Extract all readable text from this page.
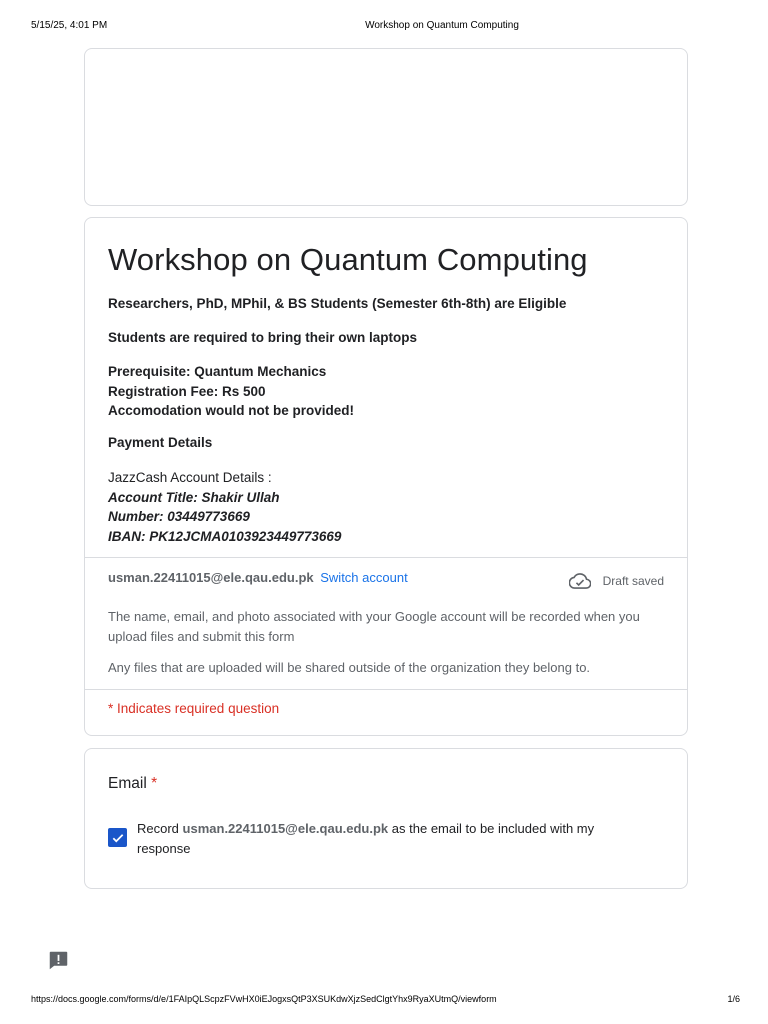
5/15/25, 4:01 PM	Workshop on Quantum Computing
Workshop on Quantum Computing

Researchers, PhD, MPhil, & BS Students (Semester 6th-8th) are Eligible

Students are required to bring their own laptops

Prerequisite: Quantum Mechanics
Registration Fee: Rs 500
Accomodation would not be provided!

Payment Details

JazzCash Account Details :
Account Title: Shakir Ullah
Number: 03449773669
IBAN: PK12JCMA0103923449773669
usman.22411015@ele.qau.edu.pk Switch account	Draft saved

The name, email, and photo associated with your Google account will be recorded when you upload files and submit this form

Any files that are uploaded will be shared outside of the organization they belong to.

* Indicates required question

Email *

Record usman.22411015@ele.qau.edu.pk as the email to be included with my response

https://docs.google.com/forms/d/e/1FAIpQLScpzFVwHX0iEJogxsQtP3XSUKdwXjzSedClgtYhx9RyaXUtmQ/viewform	1/6
